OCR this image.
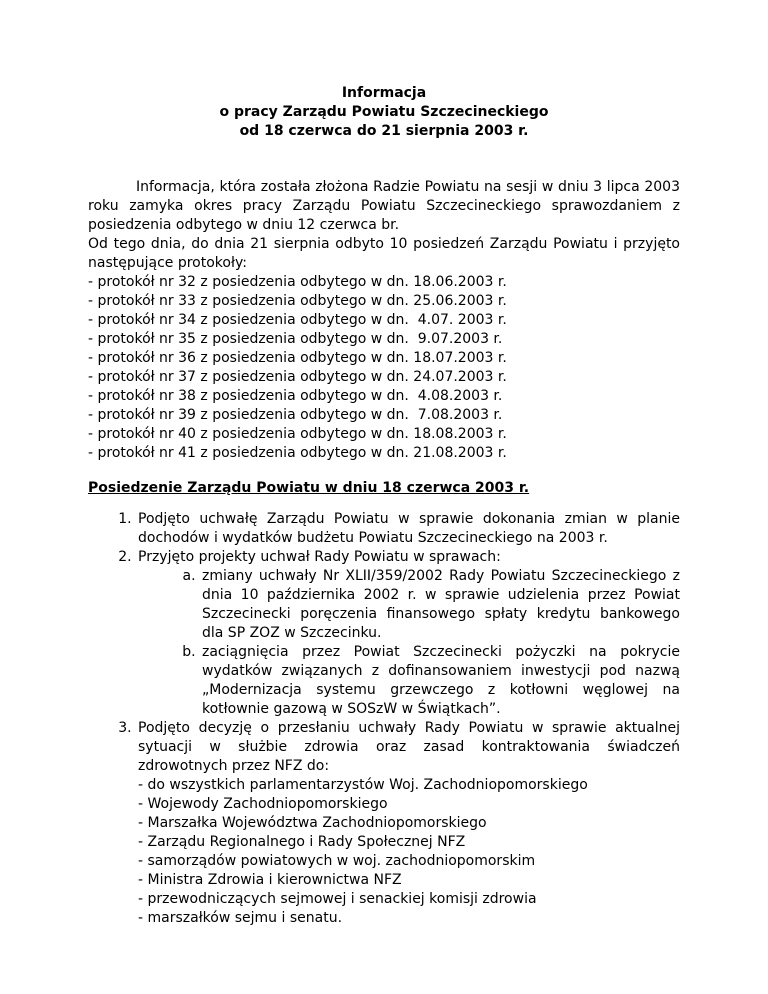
Informacja
o pracy Zarządu Powiatu Szczecineckiego
od 18 czerwca do 21 sierpnia 2003 r.

Informacja, która została złożona Radzie Powiatu na sesji w dniu 3 lipca 2003 roku zamyka okres pracy Zarządu Powiatu Szczecineckiego sprawozdaniem z posiedzenia odbytego w dniu 12 czerwca br.

Od tego dnia, do dnia 21 sierpnia odbyto 10 posiedzeń Zarządu Powiatu i przyjęto następujące protokoły:

- protokół nr 32 z posiedzenia odbytego w dn. 18.06.2003 r.
- protokół nr 33 z posiedzenia odbytego w dn. 25.06.2003 r.
- protokół nr 34 z posiedzenia odbytego w dn.  4.07. 2003 r.
- protokół nr 35 z posiedzenia odbytego w dn.  9.07.2003 r.
- protokół nr 36 z posiedzenia odbytego w dn. 18.07.2003 r.
- protokół nr 37 z posiedzenia odbytego w dn. 24.07.2003 r.
- protokół nr 38 z posiedzenia odbytego w dn.  4.08.2003 r.
- protokół nr 39 z posiedzenia odbytego w dn.  7.08.2003 r.
- protokół nr 40 z posiedzenia odbytego w dn. 18.08.2003 r.
- protokół nr 41 z posiedzenia odbytego w dn. 21.08.2003 r.
Posiedzenie Zarządu Powiatu w dniu 18 czerwca 2003 r.
1. Podjęto uchwałę Zarządu Powiatu w sprawie dokonania zmian w planie dochodów i wydatków budżetu Powiatu Szczecineckiego na 2003 r.
2. Przyjęto projekty uchwał Rady Powiatu w sprawach:
a. zmiany uchwały Nr XLII/359/2002 Rady Powiatu Szczecineckiego z dnia 10 października 2002 r. w sprawie udzielenia przez Powiat Szczecinecki poręczenia finansowego spłaty kredytu bankowego dla SP ZOZ w Szczecinku.
b. zaciągnięcia przez Powiat Szczecinecki pożyczki na pokrycie wydatków związanych z dofinansowaniem inwestycji pod nazwą „Modernizacja systemu grzewczego z kotłowni węglowej na kotłownie gazową w SOSzW w Świątkach”.
3. Podjęto decyzję o przesłaniu uchwały Rady Powiatu w sprawie aktualnej sytuacji w służbie zdrowia oraz zasad kontraktowania świadczeń zdrowotnych przez NFZ do:
- do wszystkich parlamentarzystów Woj. Zachodniopomorskiego
- Wojewody Zachodniopomorskiego
- Marszałka Województwa Zachodniopomorskiego
- Zarządu Regionalnego i Rady Społecznej NFZ
- samorządów powiatowych w woj. zachodniopomorskim
- Ministra Zdrowia i kierownictwa NFZ
- przewodniczących sejmowej i senackiej komisji zdrowia
- marszałków sejmu i senatu.
